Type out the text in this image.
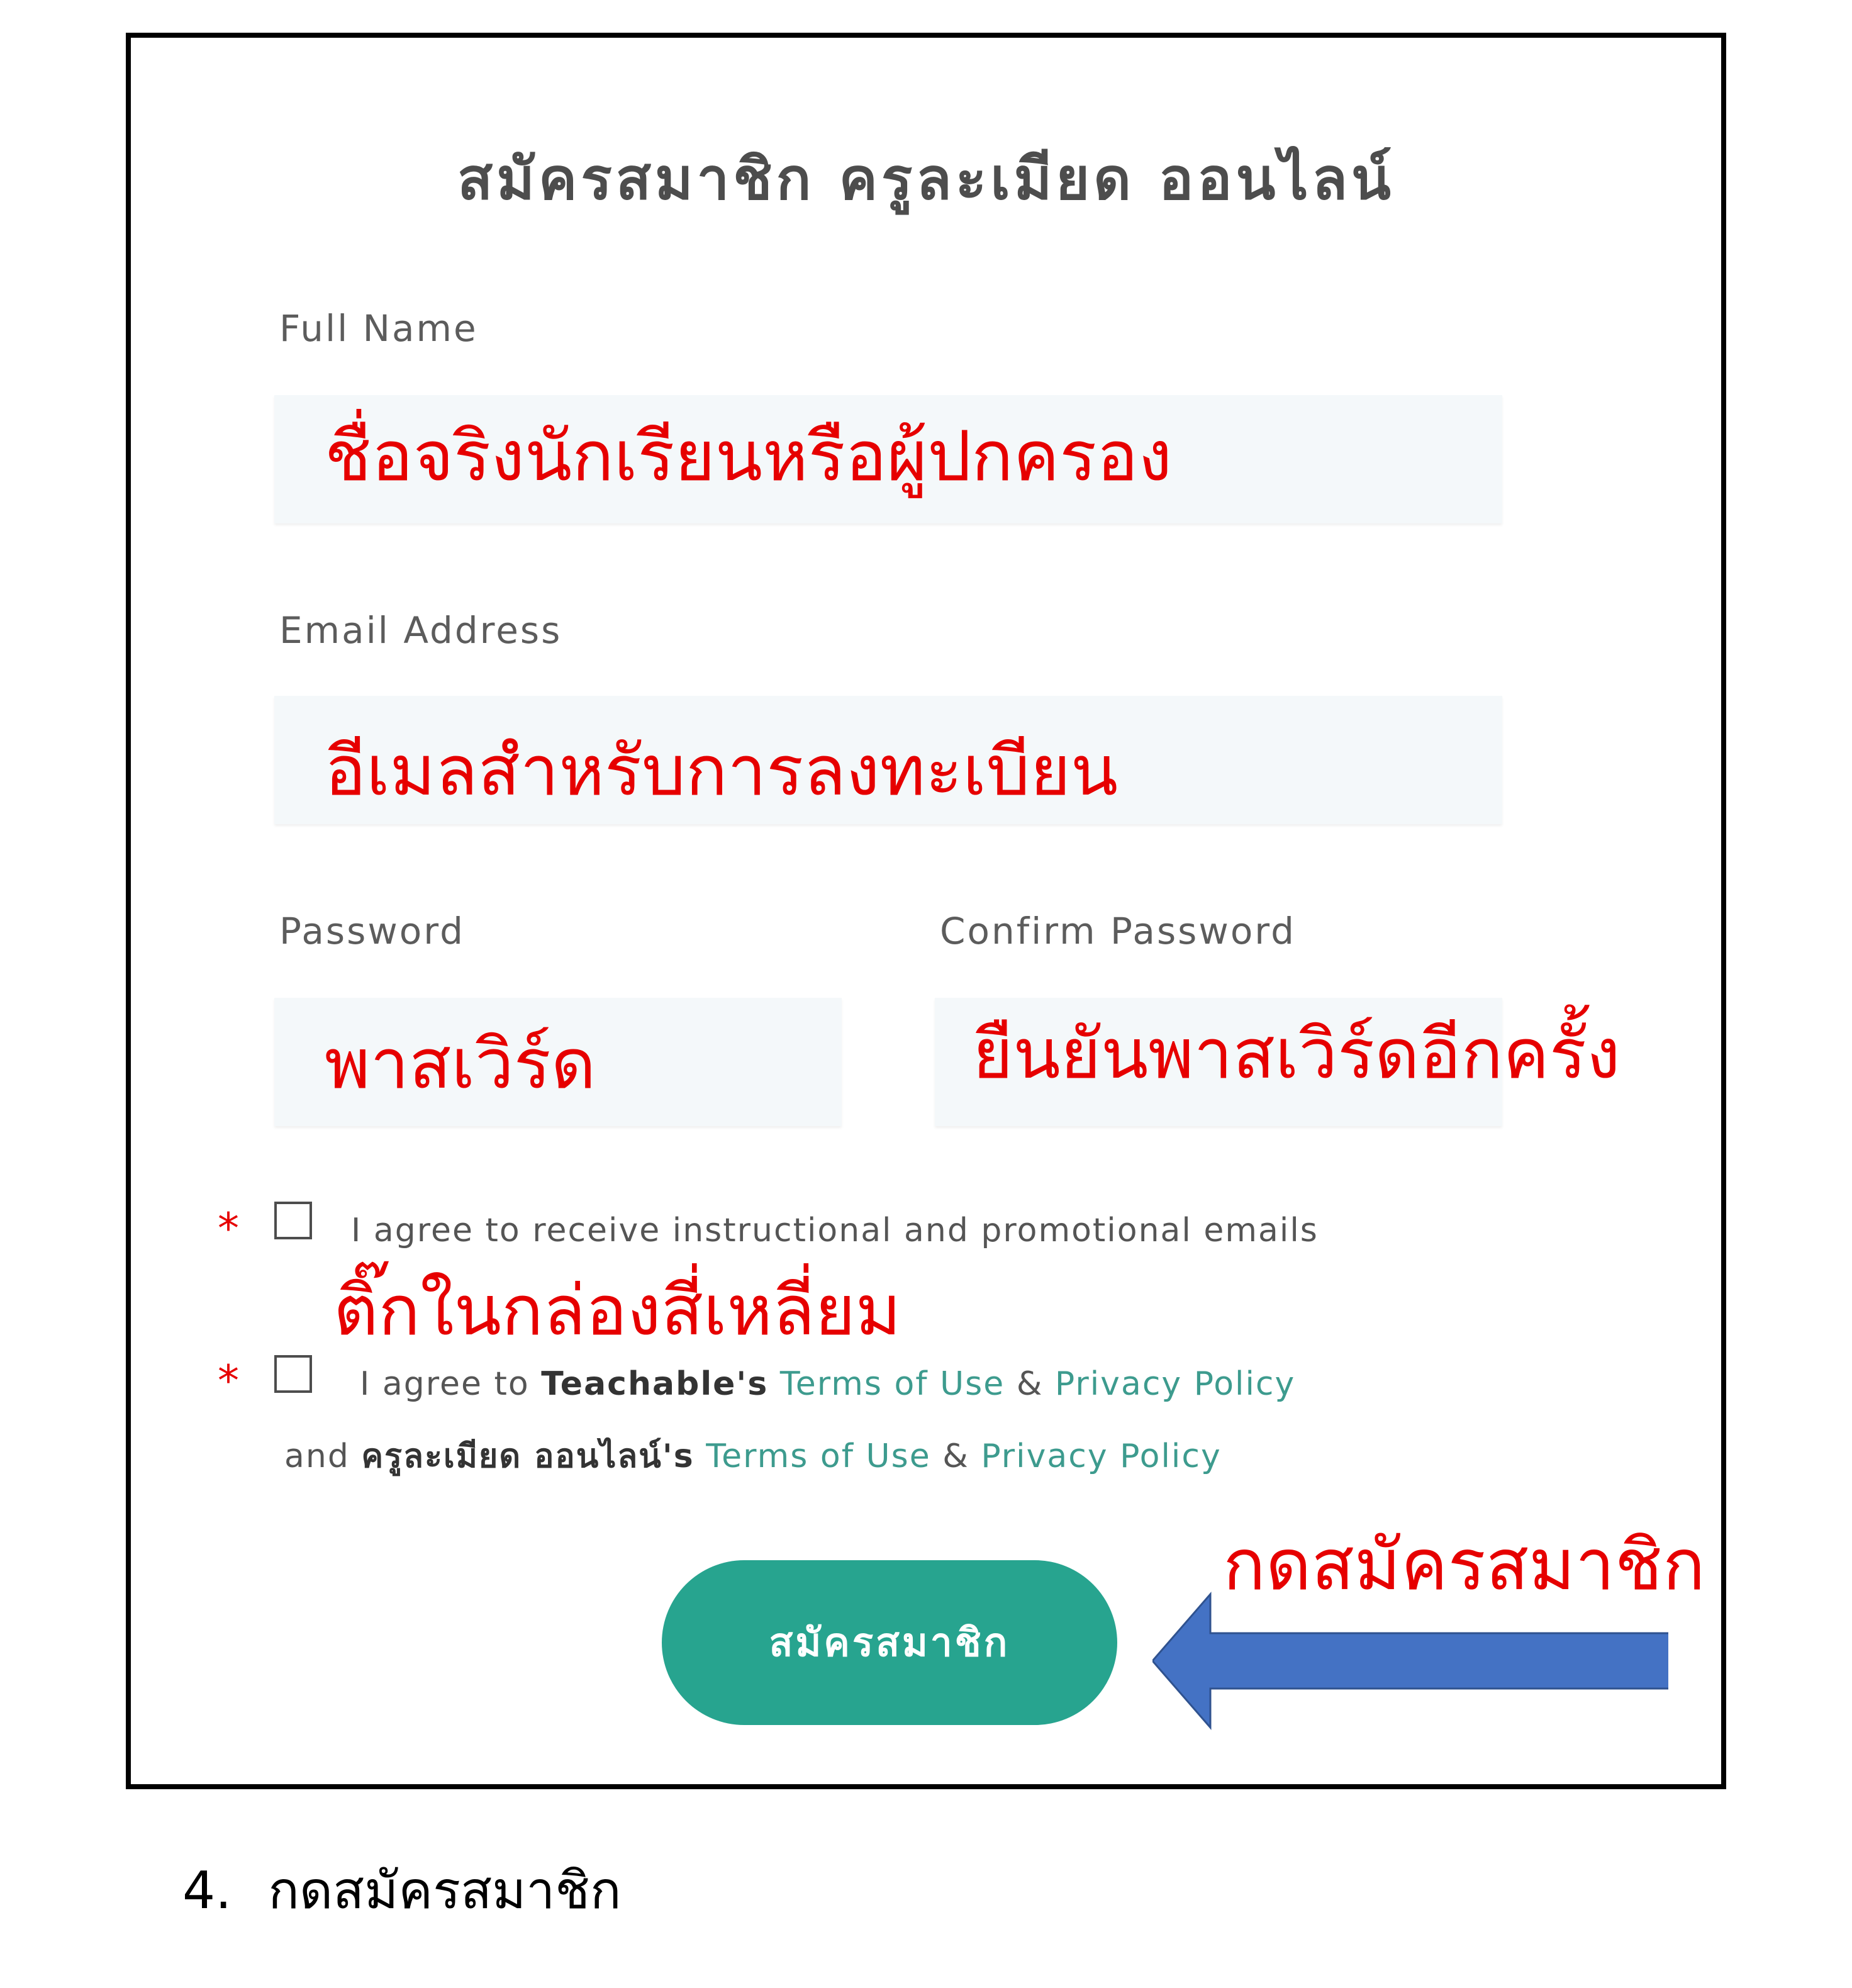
สมัครสมาชิก ครูละเมียด ออนไลน์
Full Name
ชื่อจริงนักเรียนหรือผู้ปกครอง
Email Address
อีเมลสำหรับการลงทะเบียน
Password
พาสเวิร์ด
Confirm Password
ยืนยันพาสเวิร์ดอีกครั้ง
*	I agree to receive instructional and promotional emails
ติ๊กในกล่องสี่เหลี่ยม
*	I agree to Teachable's Terms of Use & Privacy Policy
and ครูละเมียด ออนไลน์'s Terms of Use & Privacy Policy
สมัครสมาชิก
กดสมัครสมาชิก
4. กดสมัครสมาชิก
